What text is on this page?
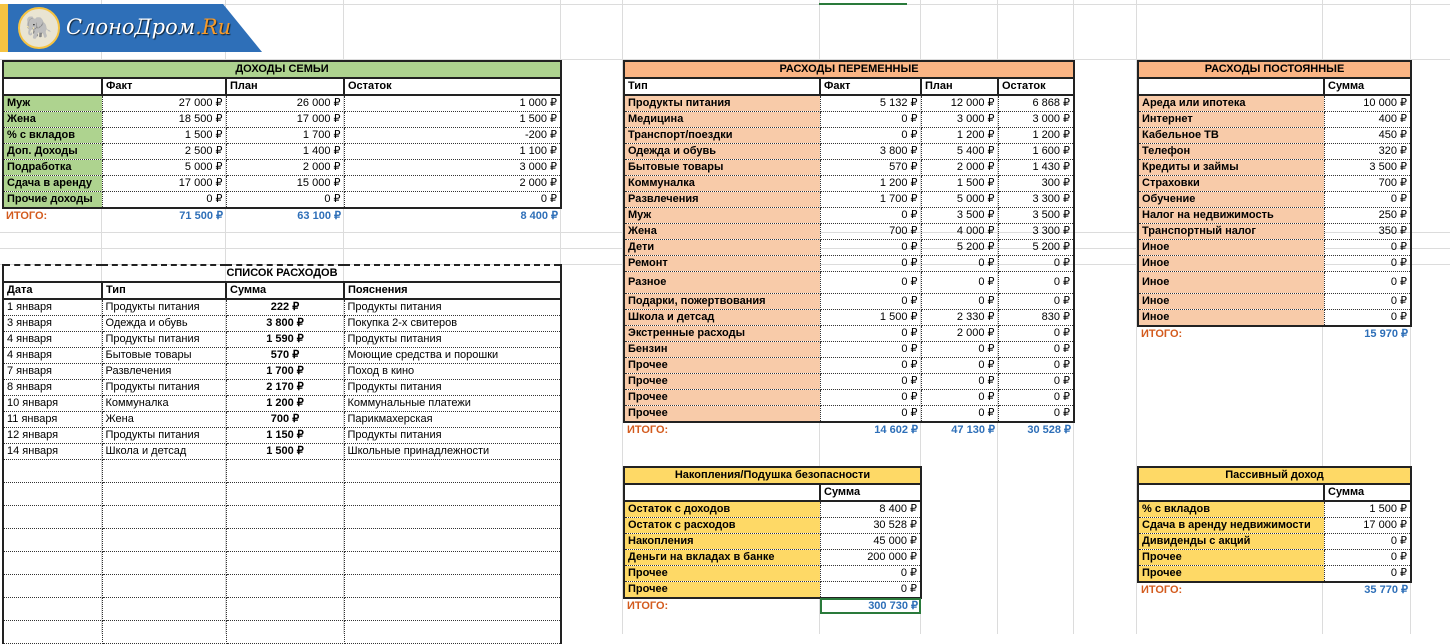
🐘 СлоноДром.Ru
ДОХОДЫ СЕМЬИ			
	Факт	План	Остаток
Муж	27 000 ₽	26 000 ₽	1 000 ₽
Жена	18 500 ₽	17 000 ₽	1 500 ₽
% с вкладов	1 500 ₽	1 700 ₽	-200 ₽
Доп. Доходы	2 500 ₽	1 400 ₽	1 100 ₽
Подработка	5 000 ₽	2 000 ₽	3 000 ₽
Сдача в аренду	17 000 ₽	15 000 ₽	2 000 ₽
Прочие доходы	0 ₽	0 ₽	0 ₽
ИТОГО:	71 500 ₽	63 100 ₽	8 400 ₽
СПИСОК РАСХОДОВ			
Дата	Тип	Сумма	Пояснения
1 января	Продукты питания	222 ₽	Продукты питания
3 января	Одежда и обувь	3 800 ₽	Покупка 2-х свитеров
4 января	Продукты питания	1 590 ₽	Продукты питания
4 января	Бытовые товары	570 ₽	Моющие средства и порошки
7 января	Развлечения	1 700 ₽	Поход в кино
8 января	Продукты питания	2 170 ₽	Продукты питания
10 января	Коммуналка	1 200 ₽	Коммунальные платежи
11 января	Жена	700 ₽	Парикмахерская
12 января	Продукты питания	1 150 ₽	Продукты питания
14 января	Школа и детсад	1 500 ₽	Школьные принадлежности

РАСХОДЫ ПЕРЕМЕННЫЕ			
Тип	Факт	План	Остаток
Продукты питания	5 132 ₽	12 000 ₽	6 868 ₽
Медицина	0 ₽	3 000 ₽	3 000 ₽
Транспорт/поездки	0 ₽	1 200 ₽	1 200 ₽
Одежда и обувь	3 800 ₽	5 400 ₽	1 600 ₽
Бытовые товары	570 ₽	2 000 ₽	1 430 ₽
Коммуналка	1 200 ₽	1 500 ₽	300 ₽
Развлечения	1 700 ₽	5 000 ₽	3 300 ₽
Муж	0 ₽	3 500 ₽	3 500 ₽
Жена	700 ₽	4 000 ₽	3 300 ₽
Дети	0 ₽	5 200 ₽	5 200 ₽
Ремонт	0 ₽	0 ₽	0 ₽
Разное	0 ₽	0 ₽	0 ₽
Подарки, пожертвования	0 ₽	0 ₽	0 ₽
Школа и детсад	1 500 ₽	2 330 ₽	830 ₽
Экстренные расходы	0 ₽	2 000 ₽	0 ₽
Бензин	0 ₽	0 ₽	0 ₽
Прочее	0 ₽	0 ₽	0 ₽
Прочее	0 ₽	0 ₽	0 ₽
Прочее	0 ₽	0 ₽	0 ₽
Прочее	0 ₽	0 ₽	0 ₽
ИТОГО:	14 602 ₽	47 130 ₽	30 528 ₽
РАСХОДЫ ПОСТОЯННЫЕ	
	Сумма
Ареда или ипотека	10 000 ₽
Интернет	400 ₽
Кабельное ТВ	450 ₽
Телефон	320 ₽
Кредиты и займы	3 500 ₽
Страховки	700 ₽
Обучение	0 ₽
Налог на недвижимость	250 ₽
Транспортный налог	350 ₽
Иное	0 ₽
Иное	0 ₽
Иное	0 ₽
Иное	0 ₽
Иное	0 ₽
ИТОГО:	15 970 ₽
Накопления/Подушка безопасности	
	Сумма
Остаток с доходов	8 400 ₽
Остаток с расходов	30 528 ₽
Накопления	45 000 ₽
Деньги на вкладах в банке	200 000 ₽
Прочее	0 ₽
Прочее	0 ₽
ИТОГО:	300 730 ₽
Пассивный доход	
	Сумма
% с вкладов	1 500 ₽
Сдача в аренду недвижимости	17 000 ₽
Дивиденды с акций	0 ₽
Прочее	0 ₽
Прочее	0 ₽
ИТОГО:	35 770 ₽
